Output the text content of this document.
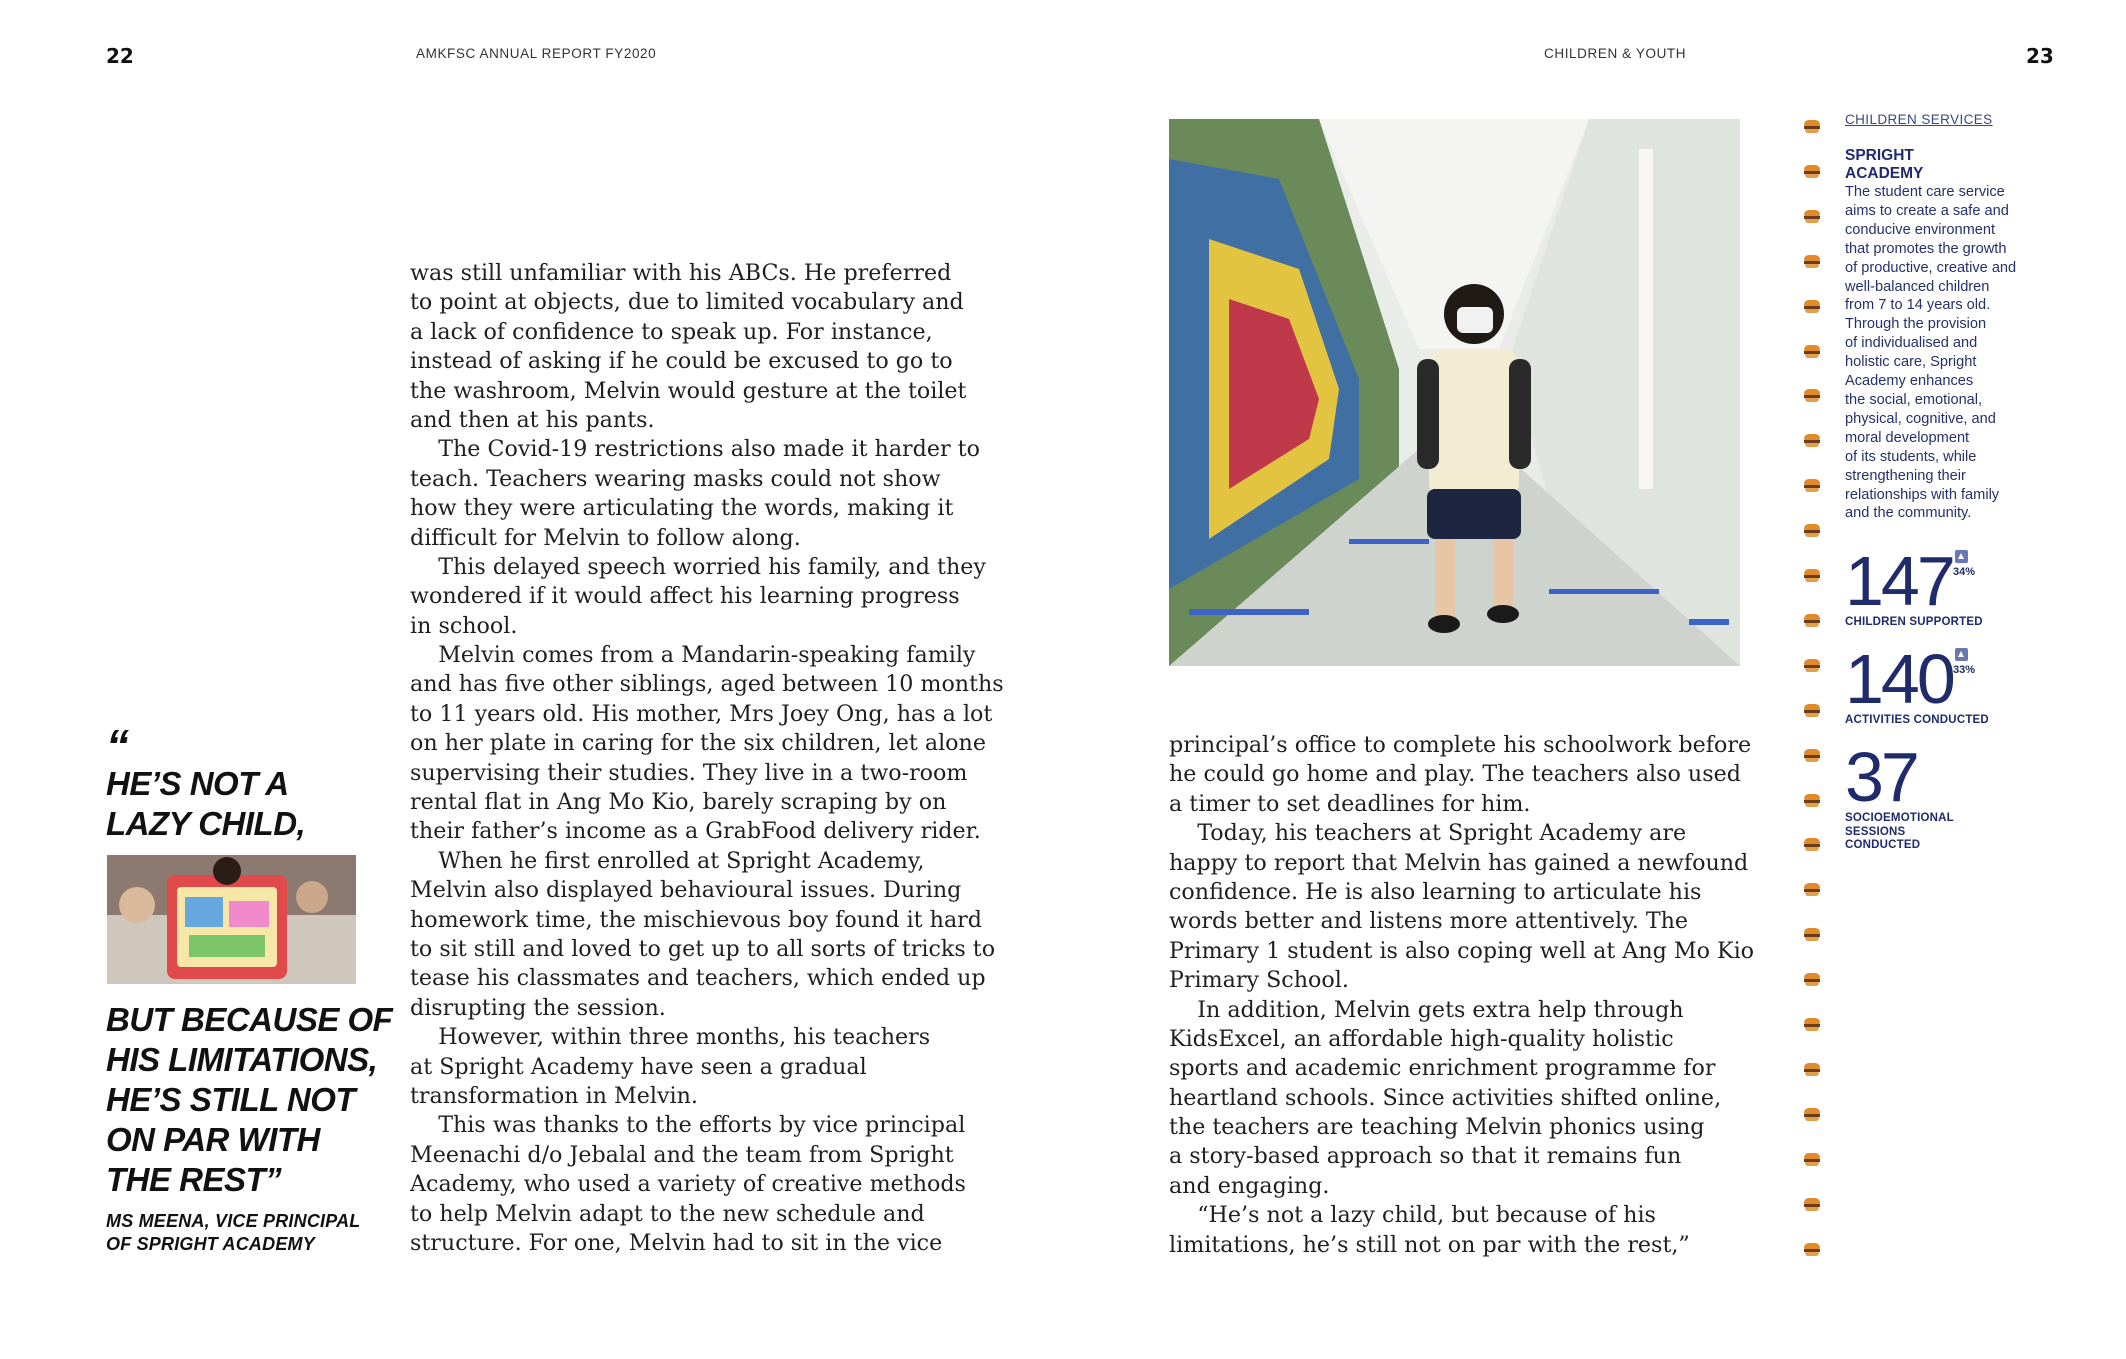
22	AMKFSC ANNUAL REPORT FY2020	CHILDREN & YOUTH	23
“
HE’S NOT A
LAZY CHILD,
BUT BECAUSE OF
HIS LIMITATIONS,
HE’S STILL NOT
ON PAR WITH
THE REST”
MS MEENA, VICE PRINCIPAL
OF SPRIGHT ACADEMY
was still unfamiliar with his ABCs. He preferred
to point at objects, due to limited vocabulary and
a lack of confidence to speak up. For instance,
instead of asking if he could be excused to go to
the washroom, Melvin would gesture at the toilet
and then at his pants.
The Covid-19 restrictions also made it harder to
teach. Teachers wearing masks could not show
how they were articulating the words, making it
difficult for Melvin to follow along.
This delayed speech worried his family, and they
wondered if it would affect his learning progress
in school.
Melvin comes from a Mandarin-speaking family
and has five other siblings, aged between 10 months
to 11 years old. His mother, Mrs Joey Ong, has a lot
on her plate in caring for the six children, let alone
supervising their studies. They live in a two-room
rental flat in Ang Mo Kio, barely scraping by on
their father’s income as a GrabFood delivery rider.
When he first enrolled at Spright Academy,
Melvin also displayed behavioural issues. During
homework time, the mischievous boy found it hard
to sit still and loved to get up to all sorts of tricks to
tease his classmates and teachers, which ended up
disrupting the session.
However, within three months, his teachers
at Spright Academy have seen a gradual
transformation in Melvin.
This was thanks to the efforts by vice principal
Meenachi d/o Jebalal and the team from Spright
Academy, who used a variety of creative methods
to help Melvin adapt to the new schedule and
structure. For one, Melvin had to sit in the vice
principal’s office to complete his schoolwork before
he could go home and play. The teachers also used
a timer to set deadlines for him.
Today, his teachers at Spright Academy are
happy to report that Melvin has gained a newfound
confidence. He is also learning to articulate his
words better and listens more attentively. The
Primary 1 student is also coping well at Ang Mo Kio
Primary School.
In addition, Melvin gets extra help through
KidsExcel, an affordable high-quality holistic
sports and academic enrichment programme for
heartland schools. Since activities shifted online,
the teachers are teaching Melvin phonics using
a story-based approach so that it remains fun
and engaging.
“He’s not a lazy child, but because of his
limitations, he’s still not on par with the rest,”
CHILDREN SERVICES
SPRIGHT
ACADEMY
The student care service
aims to create a safe and
conducive environment
that promotes the growth
of productive, creative and
well-balanced children
from 7 to 14 years old.
Through the provision
of individualised and
holistic care, Spright
Academy enhances
the social, emotional,
physical, cognitive, and
moral development
of its students, while
strengthening their
relationships with family
and the community.
147 34%
CHILDREN SUPPORTED
140 33%
ACTIVITIES CONDUCTED
37
SOCIOEMOTIONAL
SESSIONS
CONDUCTED
